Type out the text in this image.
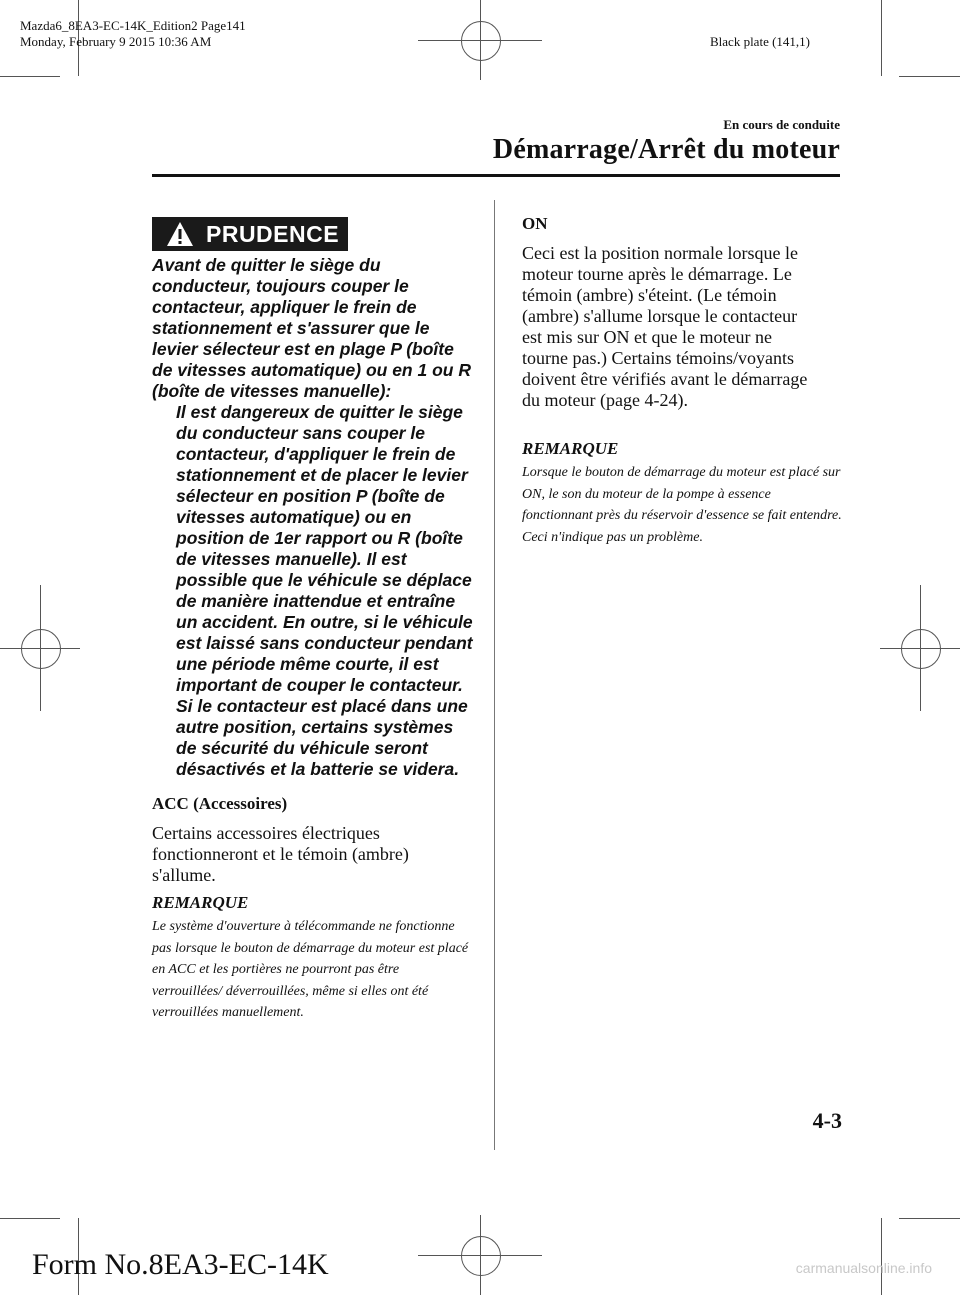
Mazda6_8EA3-EC-14K_Edition2 Page141
Monday, February 9 2015 10:36 AM	Black plate (141,1)
En cours de conduite
Démarrage/Arrêt du moteur
PRUDENCE
Avant de quitter le siège du conducteur, toujours couper le contacteur, appliquer le frein de stationnement et s'assurer que le levier sélecteur est en plage P (boîte de vitesses automatique) ou en 1 ou R (boîte de vitesses manuelle):
Il est dangereux de quitter le siège du conducteur sans couper le contacteur, d'appliquer le frein de stationnement et de placer le levier sélecteur en position P (boîte de vitesses automatique) ou en position de 1er rapport ou R (boîte de vitesses manuelle). Il est possible que le véhicule se déplace de manière inattendue et entraîne un accident. En outre, si le véhicule est laissé sans conducteur pendant une période même courte, il est important de couper le contacteur. Si le contacteur est placé dans une autre position, certains systèmes de sécurité du véhicule seront désactivés et la batterie se videra.
ACC (Accessoires)
Certains accessoires électriques fonctionneront et le témoin (ambre) s'allume.
REMARQUE
Le système d'ouverture à télécommande ne fonctionne pas lorsque le bouton de démarrage du moteur est placé en ACC et les portières ne pourront pas être verrouillées/ déverrouillées, même si elles ont été verrouillées manuellement.
ON
Ceci est la position normale lorsque le moteur tourne après le démarrage. Le témoin (ambre) s'éteint. (Le témoin (ambre) s'allume lorsque le contacteur est mis sur ON et que le moteur ne tourne pas.) Certains témoins/voyants doivent être vérifiés avant le démarrage du moteur (page 4-24).
REMARQUE
Lorsque le bouton de démarrage du moteur est placé sur ON, le son du moteur de la pompe à essence fonctionnant près du réservoir d'essence se fait entendre. Ceci n'indique pas un problème.
4-3
Form No.8EA3-EC-14K	carmanualsonline.info
